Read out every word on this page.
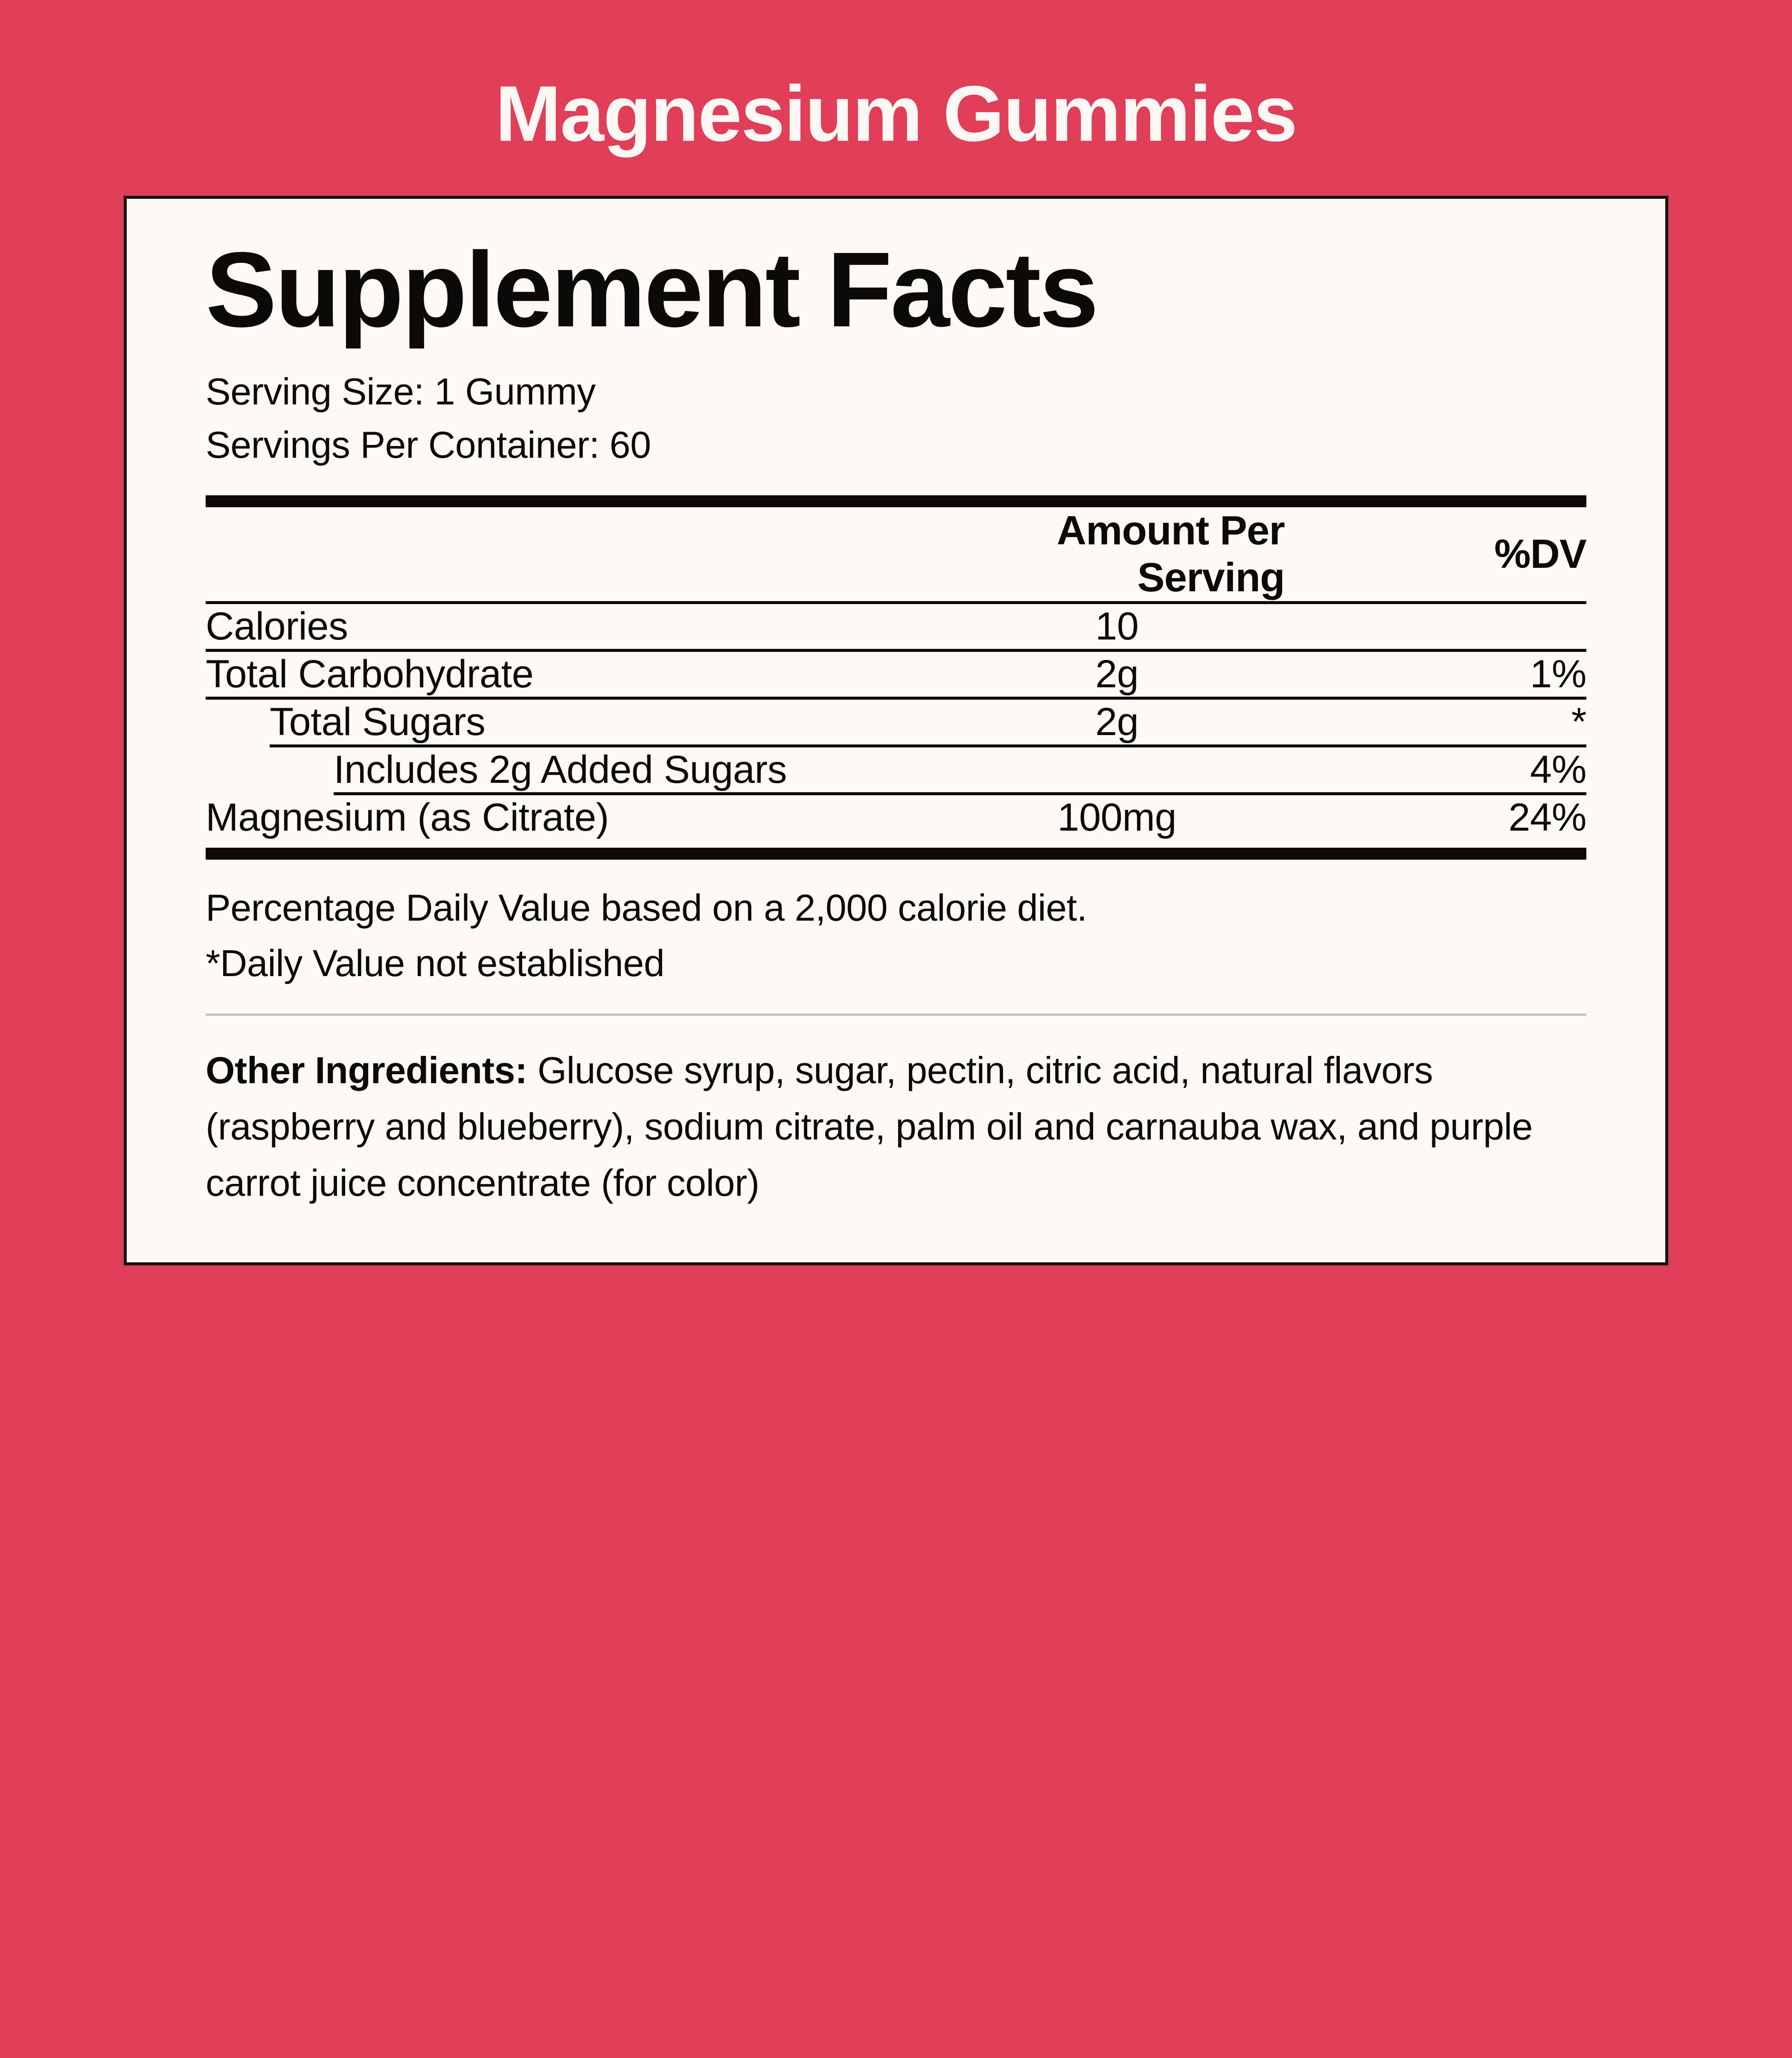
Magnesium Gummies
Supplement Facts
Serving Size: 1 Gummy
Servings Per Container: 60
	Amount Per Serving	%DV
Calories	10	
Total Carbohydrate	2g	1%
Total Sugars	2g	*
Includes 2g Added Sugars		4%
Magnesium (as Citrate)	100mg	24%
Percentage Daily Value based on a 2,000 calorie diet.
*Daily Value not established
Other Ingredients: Glucose syrup, sugar, pectin, citric acid, natural flavors (raspberry and blueberry), sodium citrate, palm oil and carnauba wax, and purple carrot juice concentrate (for color)
